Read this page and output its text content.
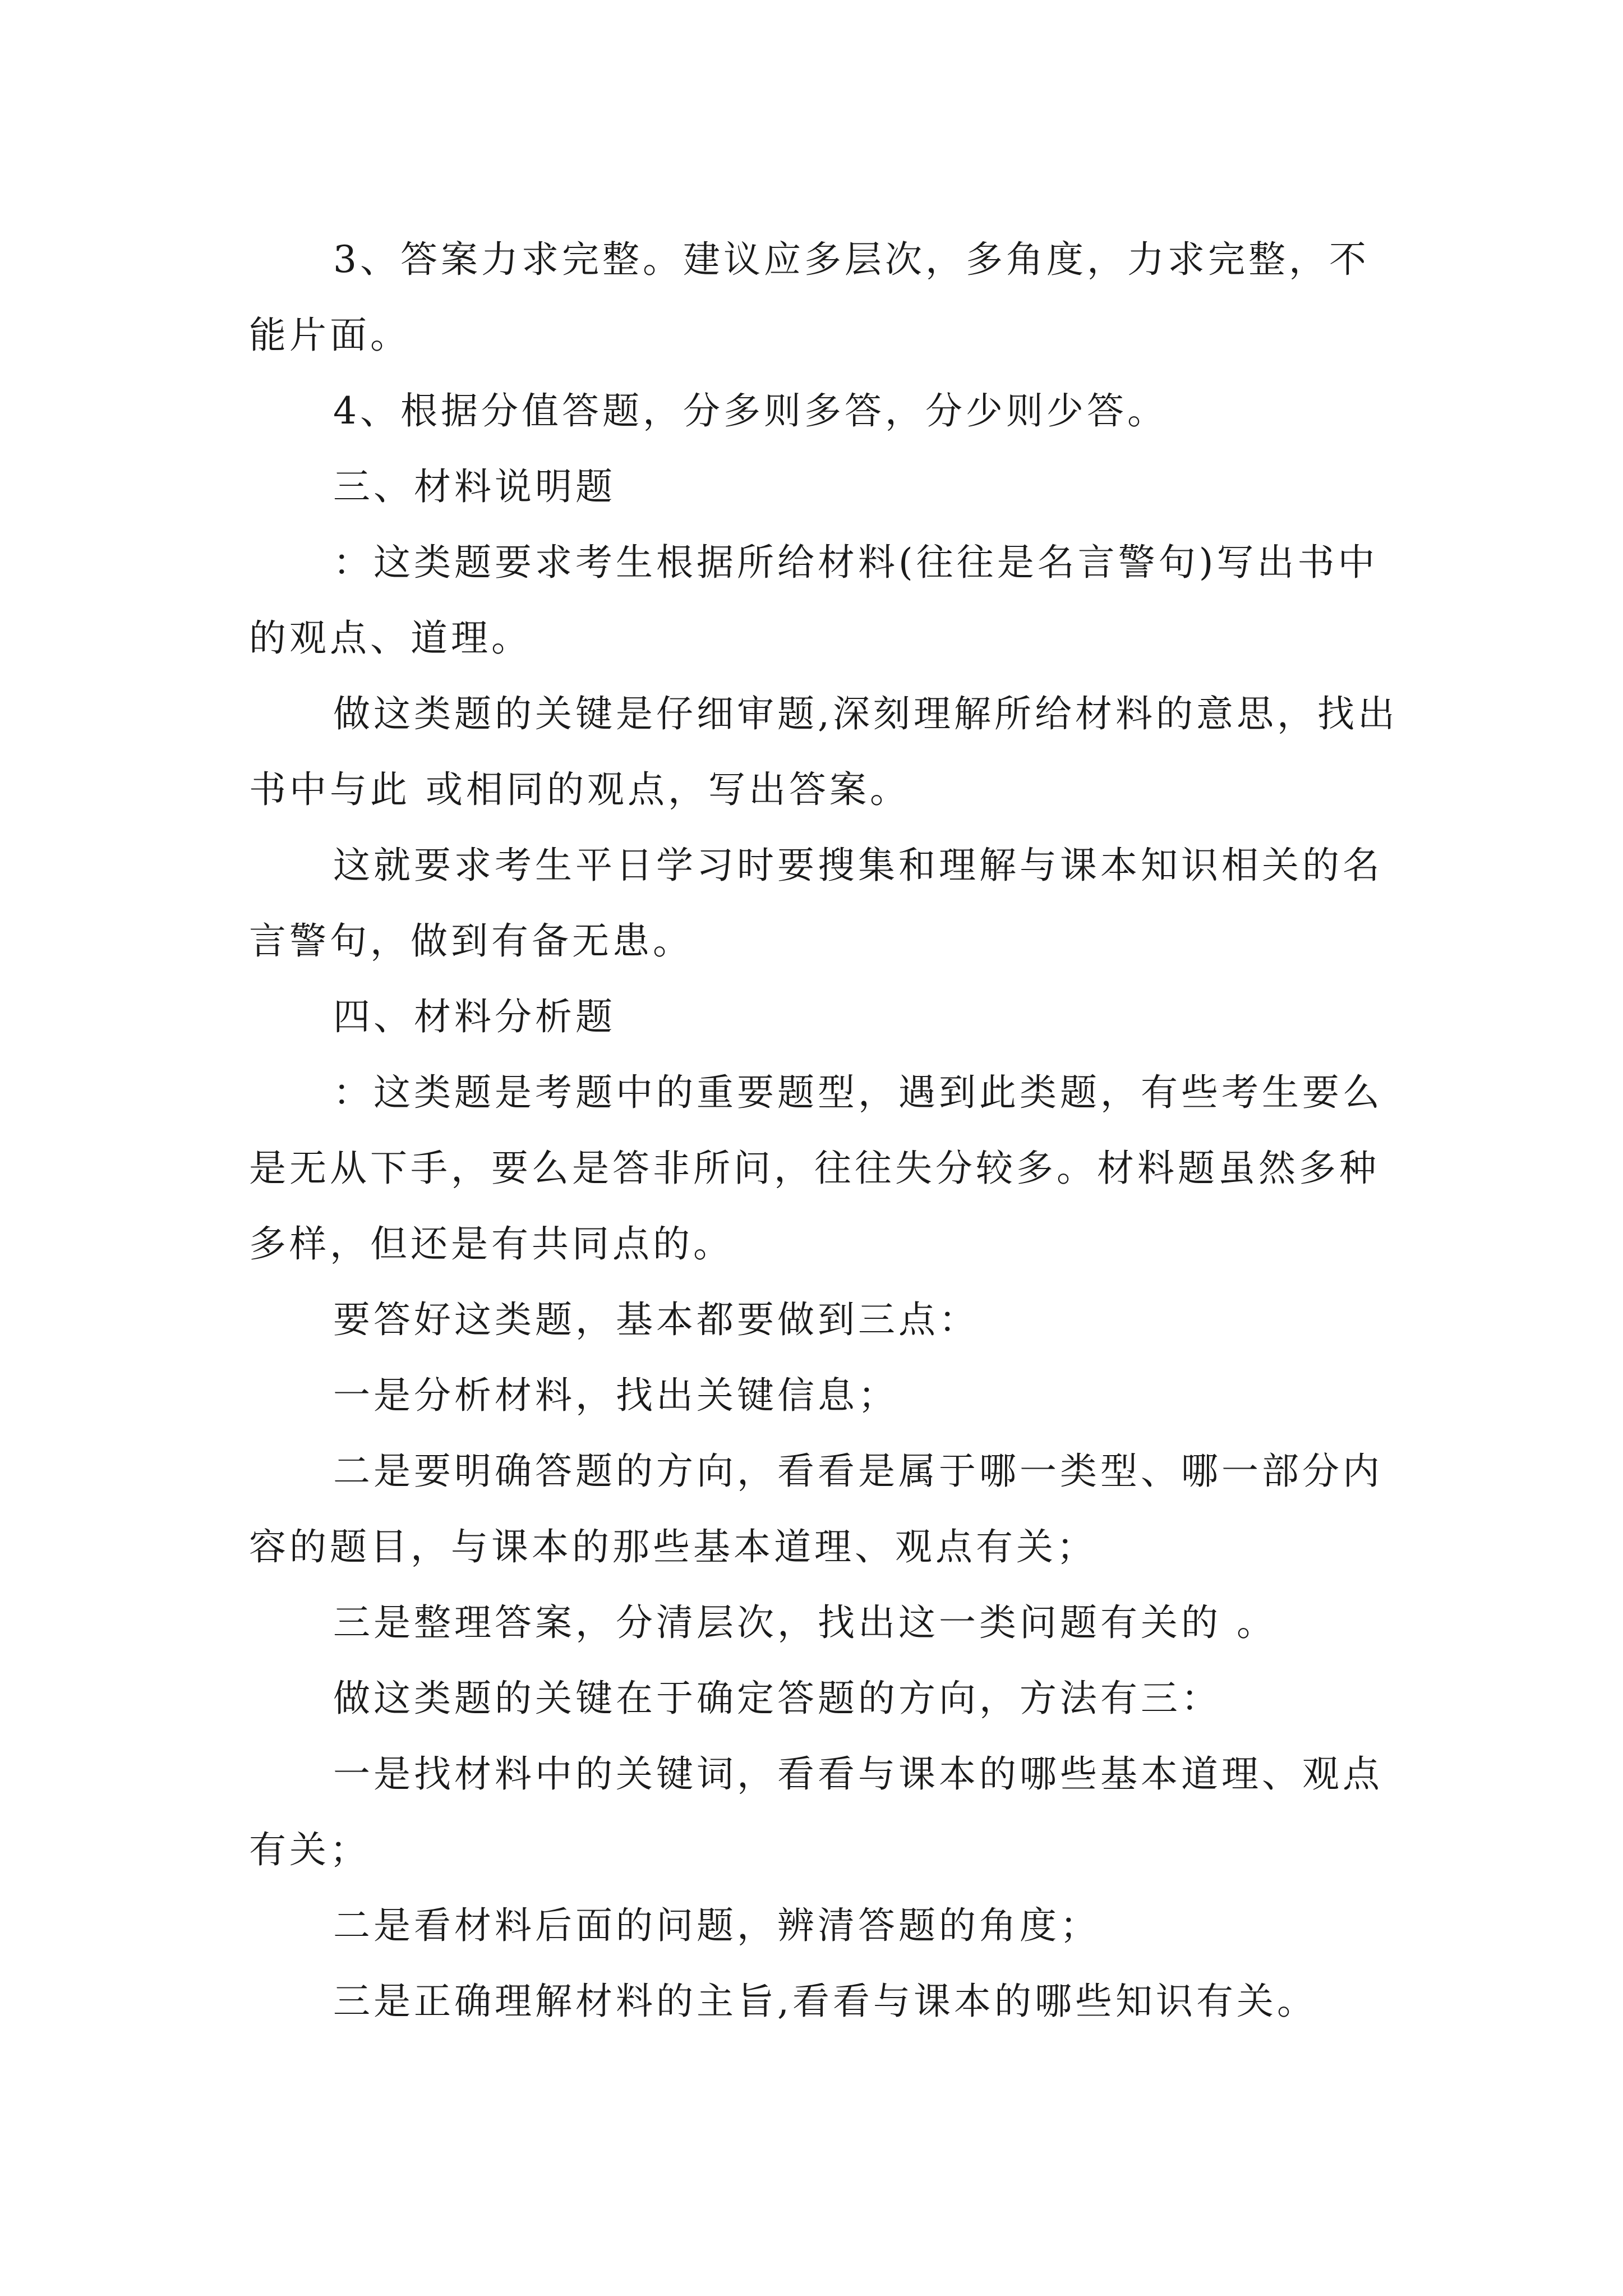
3、答案力求完整。建议应多层次，多角度，力求完整，不能片面。

4、根据分值答题，分多则多答，分少则少答。

三、材料说明题

：这类题要求考生根据所给材料(往往是名言警句)写出书中的观点、道理。

做这类题的关键是仔细审题,深刻理解所给材料的意思，找出书中与此 或相同的观点，写出答案。

这就要求考生平日学习时要搜集和理解与课本知识相关的名言警句，做到有备无患。

四、材料分析题

：这类题是考题中的重要题型，遇到此类题，有些考生要么是无从下手，要么是答非所问，往往失分较多。材料题虽然多种多样，但还是有共同点的。

要答好这类题，基本都要做到三点：

一是分析材料，找出关键信息；

二是要明确答题的方向，看看是属于哪一类型、哪一部分内容的题目，与课本的那些基本道理、观点有关；

三是整理答案，分清层次，找出这一类问题有关的 。

做这类题的关键在于确定答题的方向，方法有三：

一是找材料中的关键词，看看与课本的哪些基本道理、观点有关；

二是看材料后面的问题，辨清答题的角度；

三是正确理解材料的主旨,看看与课本的哪些知识有关。
